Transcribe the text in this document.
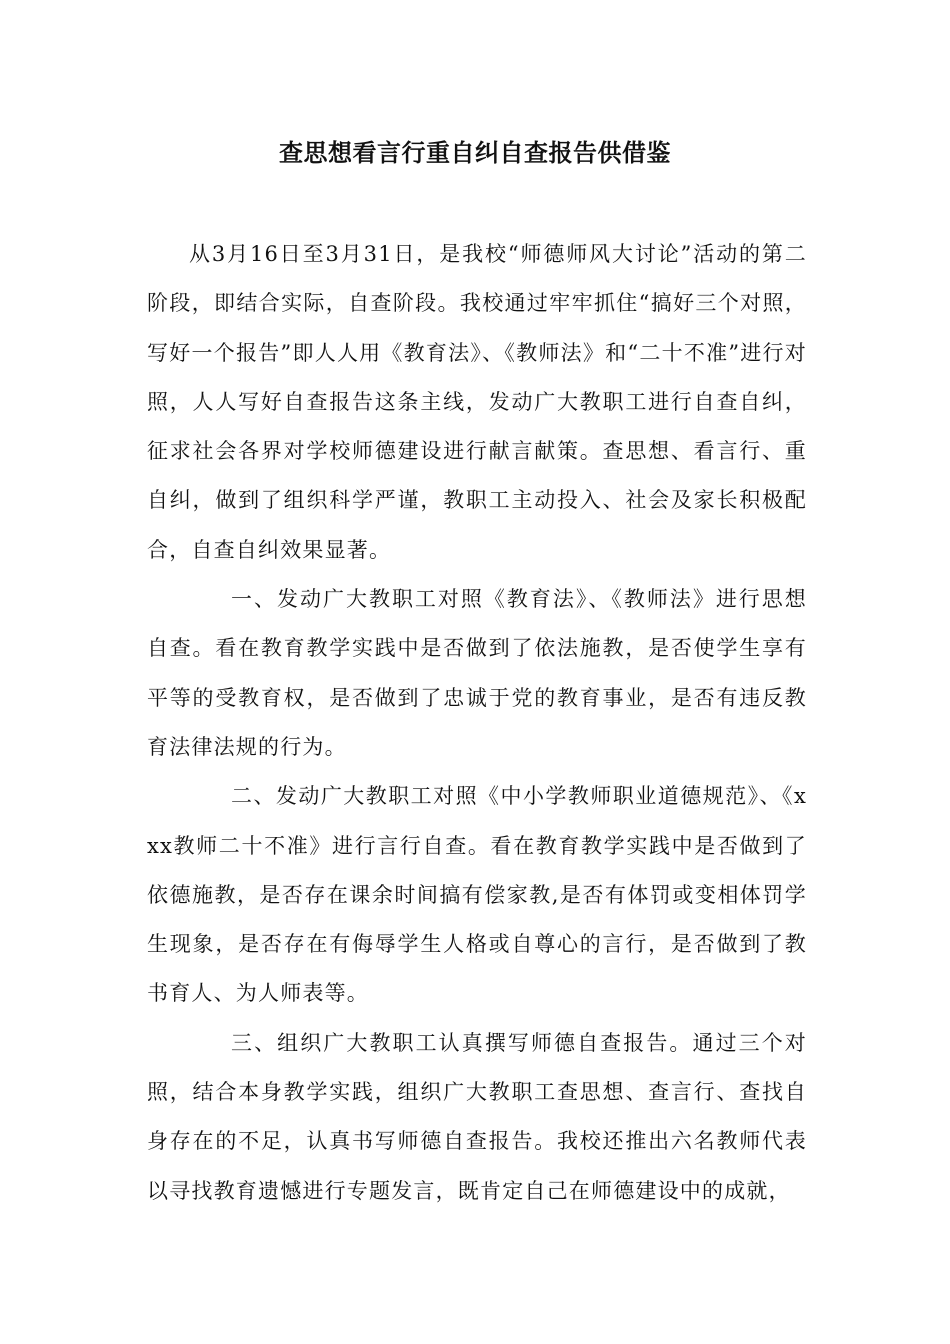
查思想看言行重自纠自查报告供借鉴

从3月16日至3月31日，是我校“师德师风大讨论”活动的第二阶段，即结合实际，自查阶段。我校通过牢牢抓住“搞好三个对照，写好一个报告”即人人用《教育法》、《教师法》和“二十不准”进行对照，人人写好自查报告这条主线，发动广大教职工进行自查自纠，征求社会各界对学校师德建设进行献言献策。查思想、看言行、重自纠，做到了组织科学严谨，教职工主动投入、社会及家长积极配合，自查自纠效果显著。

一、发动广大教职工对照《教育法》、《教师法》进行思想自查。看在教育教学实践中是否做到了依法施教，是否使学生享有平等的受教育权，是否做到了忠诚于党的教育事业，是否有违反教育法律法规的行为。

二、发动广大教职工对照《中小学教师职业道德规范》、《xxx教师二十不准》进行言行自查。看在教育教学实践中是否做到了依德施教，是否存在课余时间搞有偿家教,是否有体罚或变相体罚学生现象，是否存在有侮辱学生人格或自尊心的言行，是否做到了教书育人、为人师表等。

三、组织广大教职工认真撰写师德自查报告。通过三个对照，结合本身教学实践，组织广大教职工查思想、查言行、查找自身存在的不足，认真书写师德自查报告。我校还推出六名教师代表以寻找教育遗憾进行专题发言，既肯定自己在师德建设中的成就，
